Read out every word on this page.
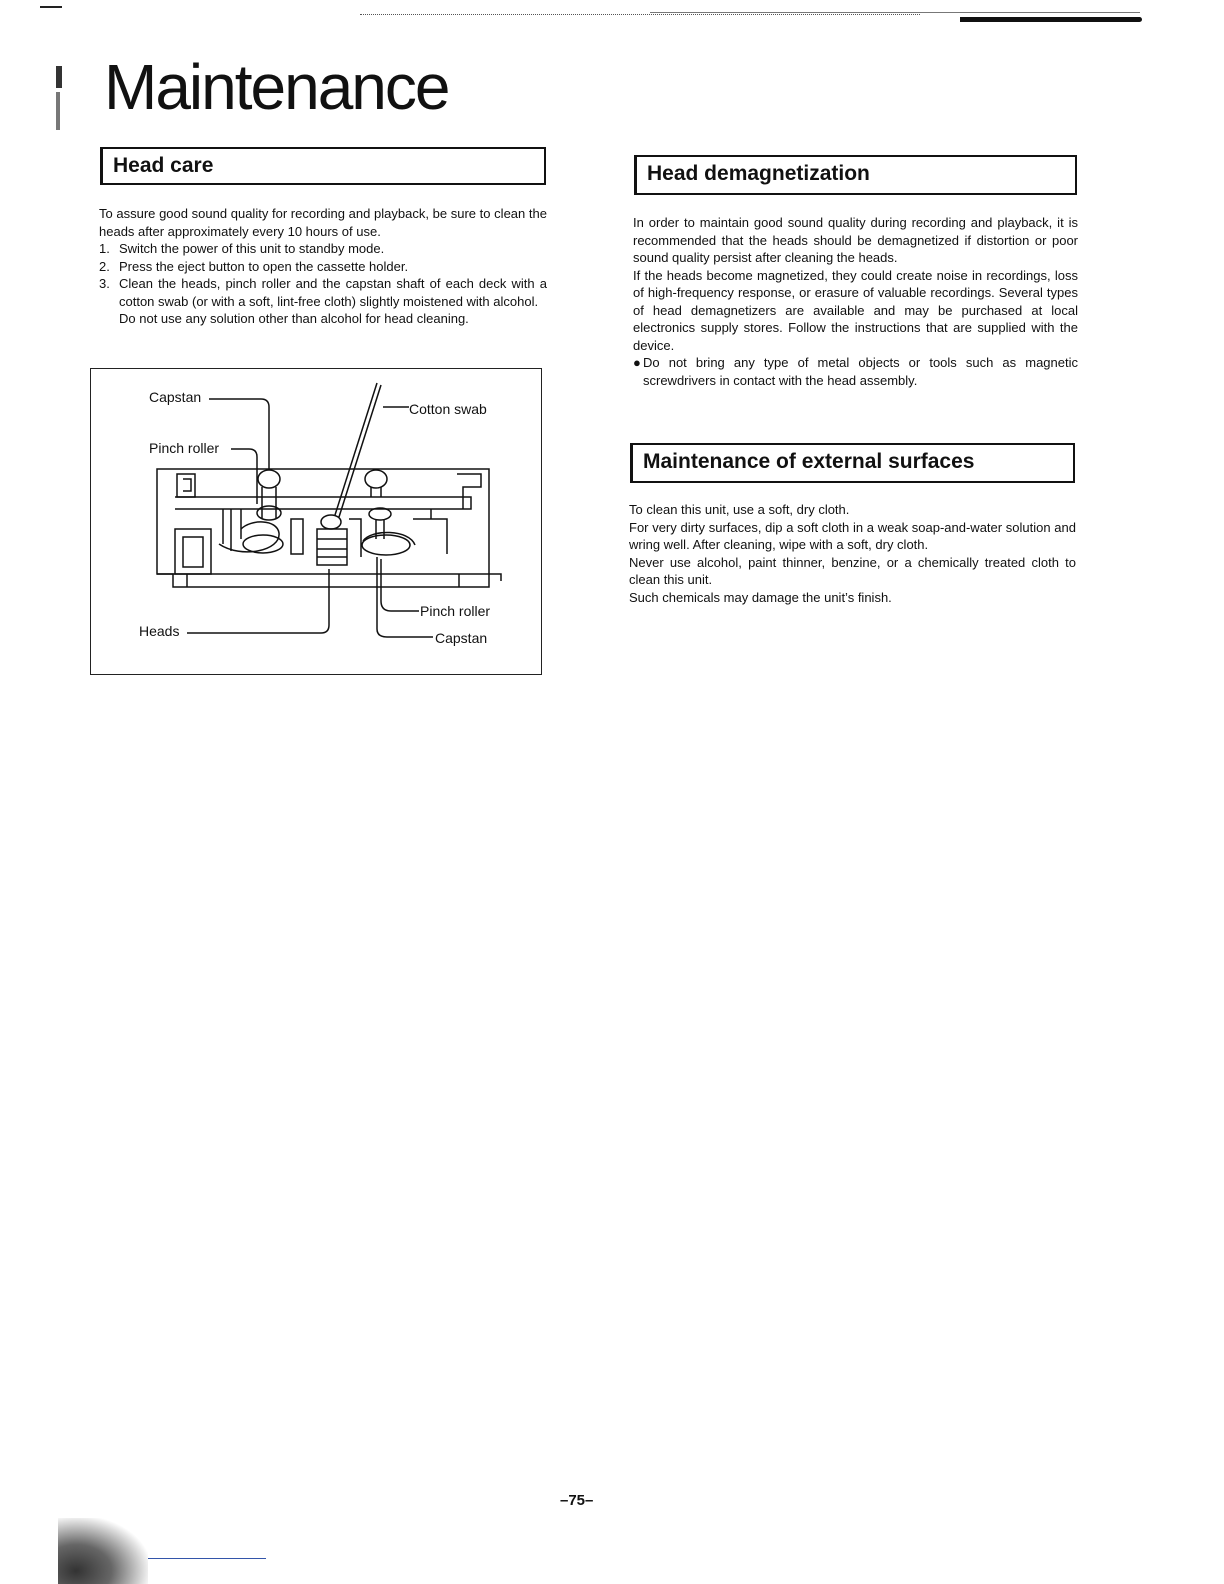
Maintenance
Head care

To assure good sound quality for recording and playback, be sure to clean the heads after approximately every 10 hours of use.

1. Switch the power of this unit to standby mode.
2. Press the eject button to open the cassette holder.
3. Clean the heads, pinch roller and the capstan shaft of each deck with a cotton swab (or with a soft, lint-free cloth) slightly moistened with alcohol.

Do not use any solution other than alcohol for head cleaning.

Capstan
Pinch roller
Cotton swab
Heads
Pinch roller
Capstan
Head demagnetization

In order to maintain good sound quality during recording and playback, it is recommended that the heads should be demagnetized if distortion or poor sound quality persist after cleaning the heads.

If the heads become magnetized, they could create noise in recordings, loss of high-frequency response, or erasure of valuable recordings. Several types of head demagnetizers are available and may be purchased at local electronics supply stores. Follow the instructions that are supplied with the device.

● Do not bring any type of metal objects or tools such as magnetic screwdrivers in contact with the head assembly.

Maintenance of external surfaces

To clean this unit, use a soft, dry cloth.

For very dirty surfaces, dip a soft cloth in a weak soap-and-water solution and wring well. After cleaning, wipe with a soft, dry cloth.

Never use alcohol, paint thinner, benzine, or a chemically treated cloth to clean this unit.

Such chemicals may damage the unit’s finish.

–75–
